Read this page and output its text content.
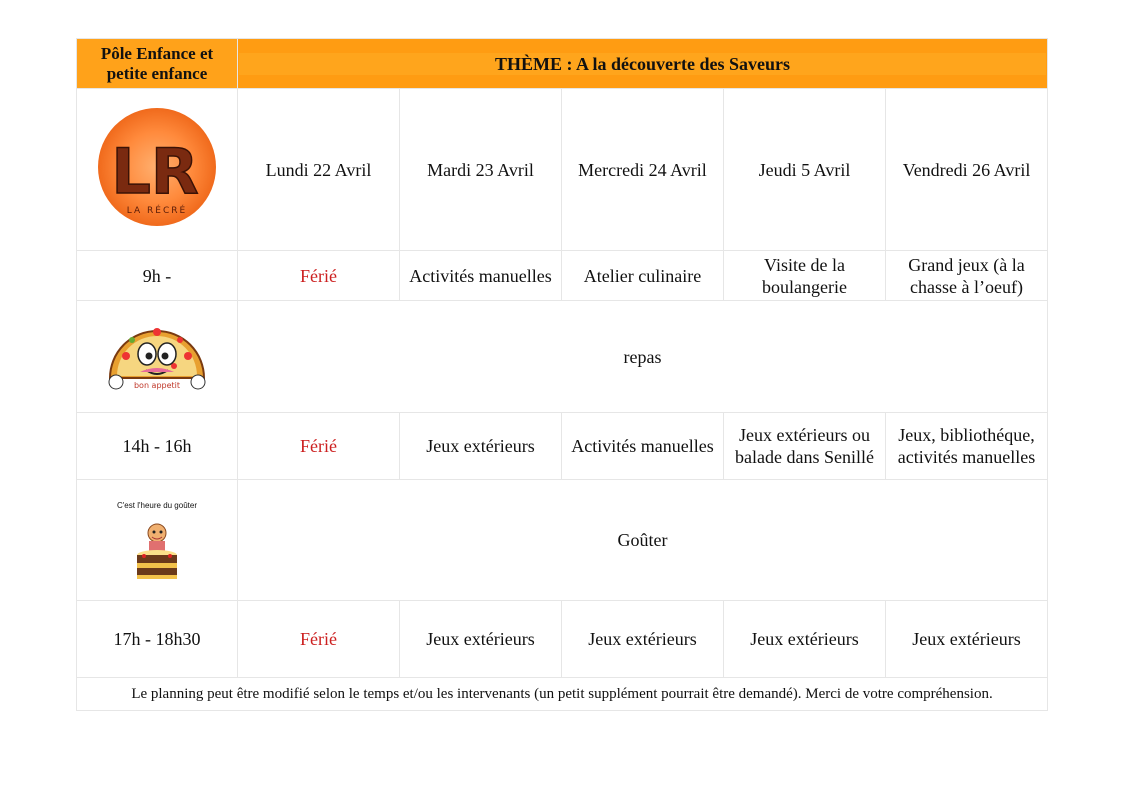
Pôle Enfance et
petite enfance	THÈME : A la découverte des Saveurs				

LR
LA RÉCRÉ	Lundi 22 Avril	Mardi 23 Avril	Mercredi 24 Avril	Jeudi 5 Avril	Vendredi 26 Avril
9h -	Férié	Activités manuelles	Atelier culinaire	Visite de la boulangerie	Grand jeux (à la chasse à l’oeuf)

bon appetit	repas				
14h - 16h	Férié	Jeux extérieurs	Activités manuelles	Jeux extérieurs ou balade dans Senillé	Jeux, bibliothéque, activités manuelles

C'est l'heure du goûter	Goûter				
17h - 18h30	Férié	Jeux extérieurs	Jeux extérieurs	Jeux extérieurs	Jeux extérieurs
Le planning peut être modifié selon le temps et/ou les intervenants (un petit supplément pourrait être demandé). Merci de votre compréhension.					
